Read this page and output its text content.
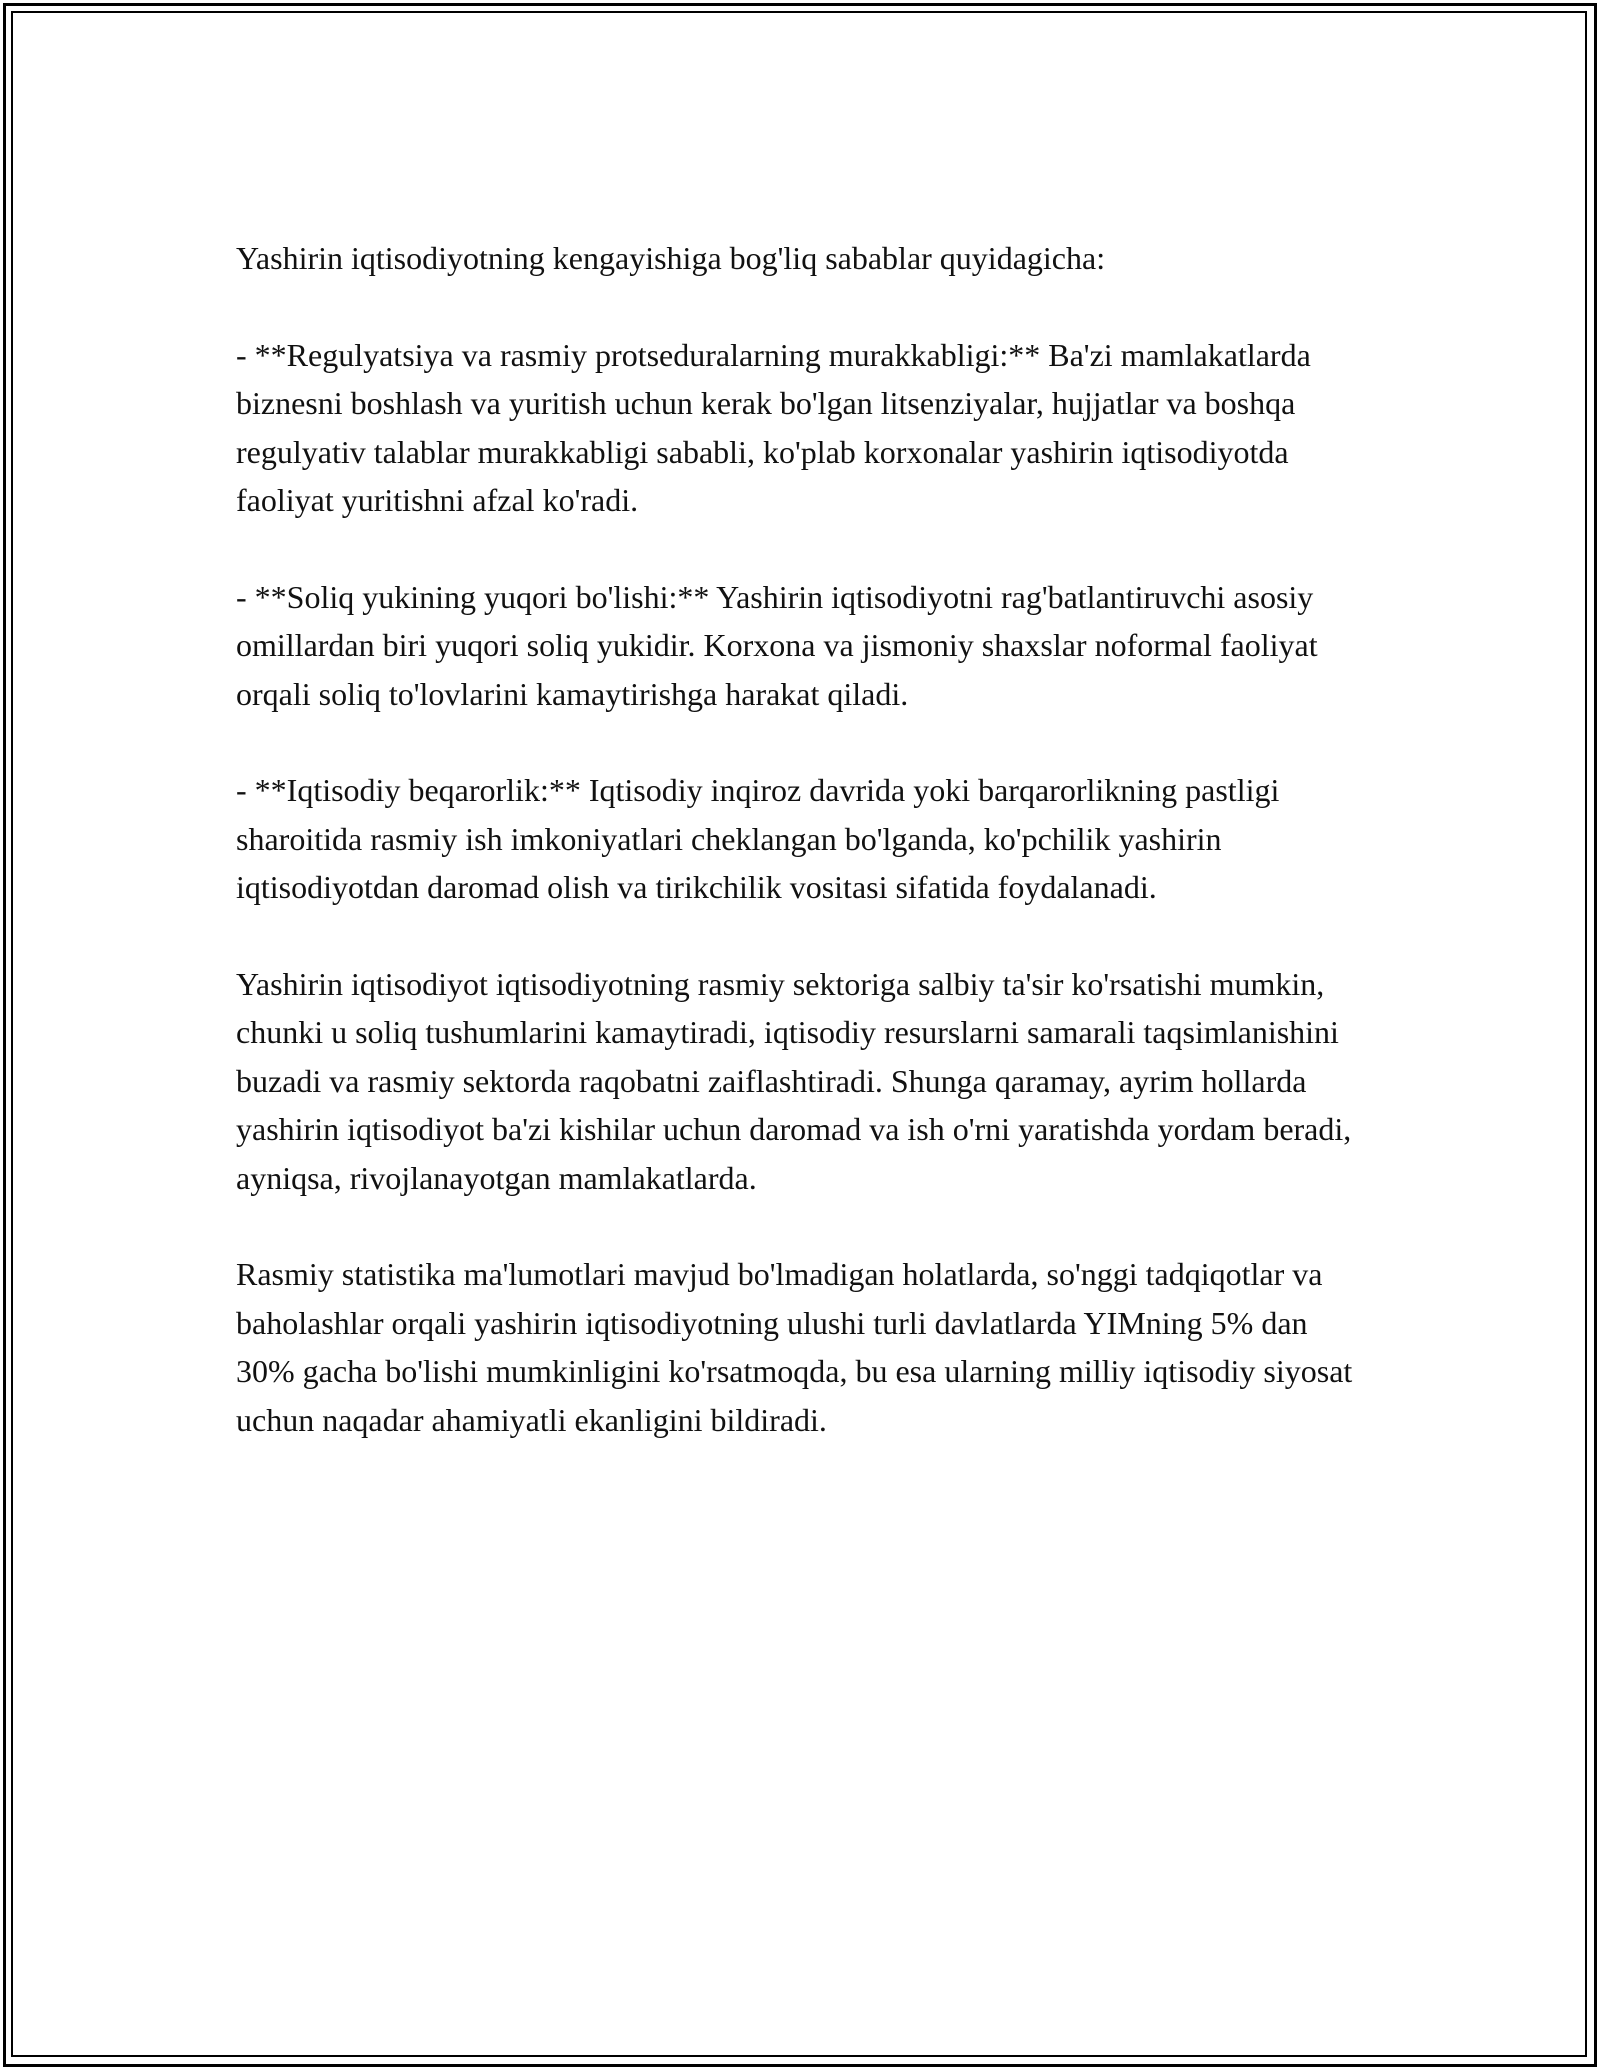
Yashirin iqtisodiyotning kengayishiga bog'liq sabablar quyidagicha:

- **Regulyatsiya va rasmiy protseduralarning murakkabligi:** Ba'zi mamlakatlarda biznesni boshlash va yuritish uchun kerak bo'lgan litsenziyalar, hujjatlar va boshqa regulyativ talablar murakkabligi sababli, ko'plab korxonalar yashirin iqtisodiyotda faoliyat yuritishni afzal ko'radi.

- **Soliq yukining yuqori bo'lishi:** Yashirin iqtisodiyotni rag'batlantiruvchi asosiy omillardan biri yuqori soliq yukidir. Korxona va jismoniy shaxslar noformal faoliyat orqali soliq to'lovlarini kamaytirishga harakat qiladi.

- **Iqtisodiy beqarorlik:** Iqtisodiy inqiroz davrida yoki barqarorlikning pastligi sharoitida rasmiy ish imkoniyatlari cheklangan bo'lganda, ko'pchilik yashirin iqtisodiyotdan daromad olish va tirikchilik vositasi sifatida foydalanadi.

Yashirin iqtisodiyot iqtisodiyotning rasmiy sektoriga salbiy ta'sir ko'rsatishi mumkin, chunki u soliq tushumlarini kamaytiradi, iqtisodiy resurslarni samarali taqsimlanishini buzadi va rasmiy sektorda raqobatni zaiflashtiradi. Shunga qaramay, ayrim hollarda yashirin iqtisodiyot ba'zi kishilar uchun daromad va ish o'rni yaratishda yordam beradi, ayniqsa, rivojlanayotgan mamlakatlarda.

Rasmiy statistika ma'lumotlari mavjud bo'lmadigan holatlarda, so'nggi tadqiqotlar va baholashlar orqali yashirin iqtisodiyotning ulushi turli davlatlarda YIMning 5% dan 30% gacha bo'lishi mumkinligini ko'rsatmoqda, bu esa ularning milliy iqtisodiy siyosat uchun naqadar ahamiyatli ekanligini bildiradi.
